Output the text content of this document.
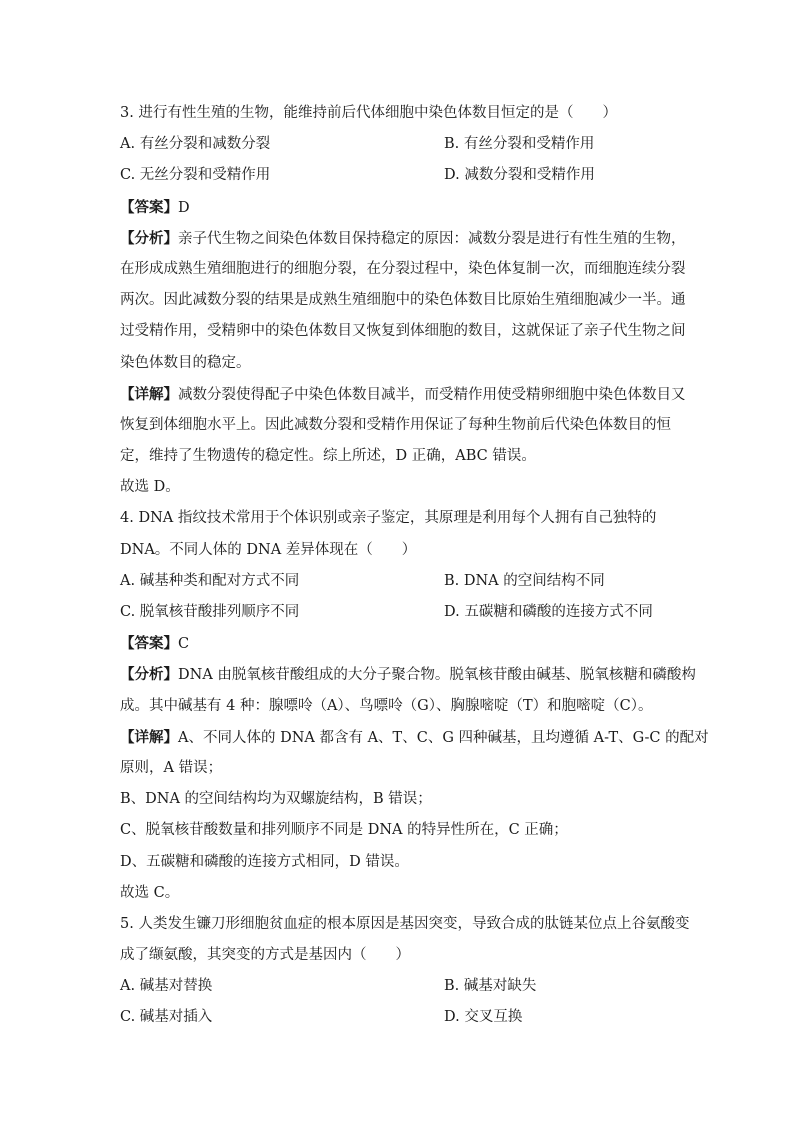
3. 进行有性生殖的生物，能维持前后代体细胞中染色体数目恒定的是（　　）
A. 有丝分裂和减数分裂	B. 有丝分裂和受精作用
C. 无丝分裂和受精作用	D. 减数分裂和受精作用
【答案】D
【分析】亲子代生物之间染色体数目保持稳定的原因：减数分裂是进行有性生殖的生物，
在形成成熟生殖细胞进行的细胞分裂，在分裂过程中，染色体复制一次，而细胞连续分裂
两次。因此减数分裂的结果是成熟生殖细胞中的染色体数目比原始生殖细胞减少一半。通
过受精作用，受精卵中的染色体数目又恢复到体细胞的数目，这就保证了亲子代生物之间
染色体数目的稳定。
【详解】减数分裂使得配子中染色体数目减半，而受精作用使受精卵细胞中染色体数目又
恢复到体细胞水平上。因此减数分裂和受精作用保证了每种生物前后代染色体数目的恒
定，维持了生物遗传的稳定性。综上所述，D 正确，ABC 错误。
故选 D。
4. DNA 指纹技术常用于个体识别或亲子鉴定，其原理是利用每个人拥有自己独特的
DNA。不同人体的 DNA 差异体现在（　　）
A. 碱基种类和配对方式不同	B. DNA 的空间结构不同
C. 脱氧核苷酸排列顺序不同	D. 五碳糖和磷酸的连接方式不同
【答案】C
【分析】DNA 由脱氧核苷酸组成的大分子聚合物。脱氧核苷酸由碱基、脱氧核糖和磷酸构
成。其中碱基有 4 种：腺嘌呤（A）、鸟嘌呤（G）、胸腺嘧啶（T）和胞嘧啶（C）。
【详解】A、不同人体的 DNA 都含有 A、T、C、G 四种碱基，且均遵循 A-T、G-C 的配对
原则，A 错误；
B、DNA 的空间结构均为双螺旋结构，B 错误；
C、脱氧核苷酸数量和排列顺序不同是 DNA 的特异性所在，C 正确；
D、五碳糖和磷酸的连接方式相同，D 错误。
故选 C。
5. 人类发生镰刀形细胞贫血症的根本原因是基因突变，导致合成的肽链某位点上谷氨酸变
成了缬氨酸，其突变的方式是基因内（　　）
A. 碱基对替换	B. 碱基对缺失
C. 碱基对插入	D. 交叉互换
